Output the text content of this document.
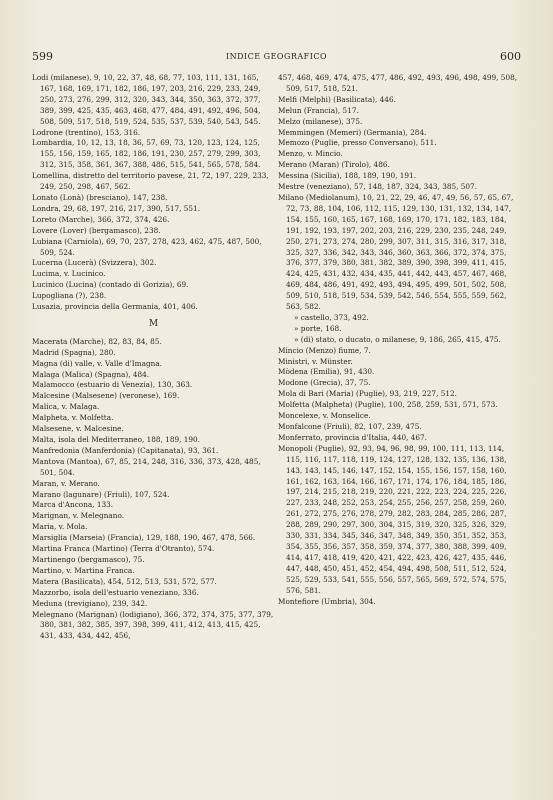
599	INDICE GEOGRAFICO	600

Lodi (milanese), 9, 10, 22, 37, 48, 68, 77, 103, 111, 131, 165, 167, 168, 169, 171, 182, 186, 197, 203, 216, 229, 233, 249, 250, 273, 276, 299, 312, 320, 343, 344, 350, 363, 372, 377, 389, 399, 425, 435, 463, 468, 477, 484, 491, 492, 496, 504, 508, 509, 517, 518, 519, 524, 535, 537, 539, 540, 543, 545.

Lodrone (trentino), 153, 316.

Lombardia, 10, 12, 13, 18, 36, 57, 69, 73, 120, 123, 124, 125, 155, 156, 159, 165, 182, 186, 191, 230, 257, 279, 299, 303, 312, 315, 358, 361, 367, 388, 486, 515, 541, 565, 578, 584.

Lomellina, distretto del territorio pavese, 21, 72, 197, 229, 233, 249, 250, 298, 467, 562.

Lonato (Lonà) (bresciano), 147, 238.

Londra, 29, 68, 197, 216, 217, 390, 517, 551.

Loreto (Marche), 366, 372, 374, 426.

Lovere (Lover) (bergamasco), 238.

Lubiana (Carniola), 69, 70, 237, 278, 423, 462, 475, 487, 500, 509, 524.

Lucerna (Lucerà) (Svizzera), 302.

Lucima, v. Lucinico.

Lucinico (Lucina) (contado di Gorizia), 69.

Lupogliana (?), 238.

Lusazia, provincia della Germania, 401, 406.

M

Macerata (Marche), 82, 83, 84, 85.

Madrid (Spagna), 280.

Magna (di) valle, v. Valle d'Imagna.

Malaga (Malica) (Spagna), 484.

Malamocco (estuario di Venezia), 130, 363.

Malcesine (Malsesene) (veronese), 169.

Malica, v. Malaga.

Malpheta, v. Molfetta.

Malsesene, v. Malcesine.

Malta, isola del Mediterraneo, 188, 189, 190.

Manfredonia (Manferdonia) (Capitanata), 93, 361.

Mantova (Mantoa), 67, 85, 214, 248, 316, 336, 373, 428, 485, 501, 504.

Maran, v. Merano.

Marano (lagunare) (Friuli), 107, 524.

Marca d'Ancona, 133.

Marignan, v. Melegnano.

Maria, v. Mola.

Marsiglia (Marseia) (Francia), 129, 188, 190, 467, 478, 566.

Martina Franca (Martino) (Terra d'Otranto), 574.

Martinengo (bergamasco), 75.

Martino, v. Martina Franca.

Matera (Basilicata), 454, 512, 513, 531, 572, 577.

Mazzorbo, isola dell'estuario veneziano, 336.

Meduna (trevigiano), 239, 342.

Melegnano (Marignan) (lodigiano), 366, 372, 374, 375, 377, 379, 380, 381, 382, 385, 397, 398, 399, 411, 412, 413, 415, 425, 431, 433, 434, 442, 456,

457, 468, 469, 474, 475, 477, 486, 492, 493, 496, 498, 499, 508, 509, 517, 518, 521.

Melfi (Melphi) (Basilicata), 446.

Melun (Francia), 517.

Melzo (milanese), 375.

Memmingen (Memeri) (Germania), 284.

Memozo (Puglie, presso Conversano), 511.

Menzo, v. Mincio.

Merano (Maran) (Tirolo), 486.

Messina (Sicilia), 188, 189, 190, 191.

Mestre (veneziano), 57, 148, 187, 324, 343, 385, 507.

Milano (Mediolanum), 10, 21, 22, 29, 46, 47, 49, 56, 57, 65, 67, 72, 73, 88, 104, 106, 112, 115, 129, 130, 131, 132, 134, 147, 154, 155, 160, 165, 167, 168, 169, 170, 171, 182, 183, 184, 191, 192, 193, 197, 202, 203, 216, 229, 230, 235, 248, 249, 250, 271, 273, 274, 280, 299, 307, 311, 315, 316, 317, 318, 325, 327, 336, 342, 343, 346, 360, 363, 366, 372, 374, 375, 376, 377, 379, 380, 381, 382, 389, 390, 398, 399, 411, 415, 424, 425, 431, 432, 434, 435, 441, 442, 443, 457, 467, 468, 469, 484, 486, 491, 492, 493, 494, 495, 499, 501, 502, 508, 509, 510, 518, 519, 534, 539, 542, 546, 554, 555, 559, 562, 563, 582.

» castello, 373, 492.

» porte, 168.

» (di) stato, o ducato, o milanese, 9, 186, 265, 415, 475.

Mincio (Menzo) fiume, 7.

Ministri, v. Münster.

Mòdena (Emilia), 91, 430.

Modone (Grecia), 37, 75.

Mola di Bari (Maria) (Puglie), 93, 219, 227, 512.

Molfetta (Malpheta) (Puglie), 100, 258, 259, 531, 571, 573.

Moncelexe, v. Monselice.

Monfalcone (Friuli), 82, 107, 239, 475.

Monferrato, provincia d'Italia, 440, 467.

Monopoli (Puglie), 92, 93, 94, 96, 98, 99, 100, 111, 113, 114, 115, 116, 117, 118, 119, 124, 127, 128, 132, 135, 136, 138, 143, 143, 145, 146, 147, 152, 154, 155, 156, 157, 158, 160, 161, 162, 163, 164, 166, 167, 171, 174, 176, 184, 185, 186, 197, 214, 215, 218, 219, 220, 221, 222, 223, 224, 225, 226, 227, 233, 248, 252, 253, 254, 255, 256, 257, 258, 259, 260, 261, 272, 275, 276, 278, 279, 282, 283, 284, 285, 286, 287, 288, 289, 290, 297, 300, 304, 315, 319, 320, 325, 326, 329, 330, 331, 334, 345, 346, 347, 348, 349, 350, 351, 352, 353, 354, 355, 356, 357, 358, 359, 374, 377, 380, 388, 399, 409, 414, 417, 418, 419, 420, 421, 422, 423, 426, 427, 435, 446, 447, 448, 450, 451, 452, 454, 494, 498, 508, 511, 512, 524, 525, 529, 533, 541, 555, 556, 557, 565, 569, 572, 574, 575, 576, 581.

Montefiore (Umbria), 304.
